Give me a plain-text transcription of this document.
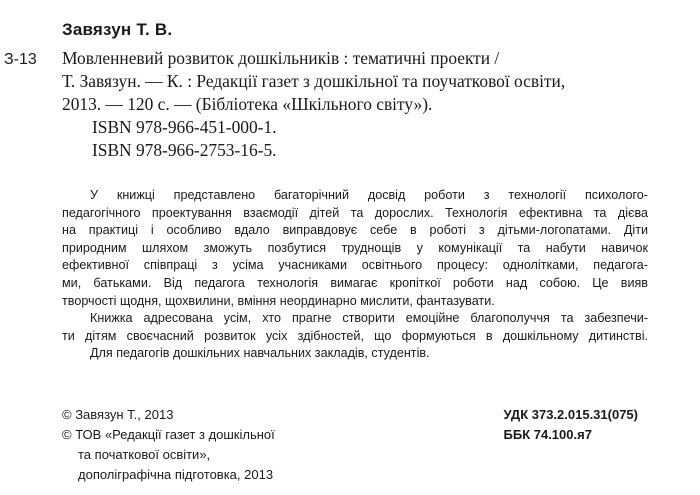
Завязун Т. В.
З-13 Мовленневий розвиток дошкільників : тематичні проекти /
Т. Завязун. — К. : Редакції газет з дошкільної та поучаткової освіти,
2013. — 120 с. — (Бібліотека «Шкільного світу»).
ISBN 978-966-451-000-1.
ISBN 978-966-2753-16-5.
У книжці представлено багаторічний досвід роботи з технології психолого-
педагогічного проектування взаємодії дітей та дорослих. Технологія ефективна та дієва
на практиці і особливо вдало виправдовує себе в роботі з дітьми-логопатами. Діти
природним шляхом зможуть позбутися труднощів у комунікації та набути навичок
ефективної співпраці з усіма учасниками освітнього процесу: однолітками, педагога-
ми, батьками. Від педагога технологія вимагає кропіткої роботи над собою. Це вияв
творчості щодня, щохвилини, вміння неординарно мислити, фантазувати.
Книжка адресована усім, хто прагне створити емоційне благополуччя та забезпечи-
ти дітям своєчасний розвиток усіх здібностей, що формуються в дошкільному дитинстві.
Для педагогів дошкільних навчальних закладів, студентів.
© Завязун Т., 2013
© ТОВ «Редакції газет з дошкільної
та початкової освіти»,
дополіграфічна підготовка, 2013
УДК 373.2.015.31(075)
ББК 74.100.я7
